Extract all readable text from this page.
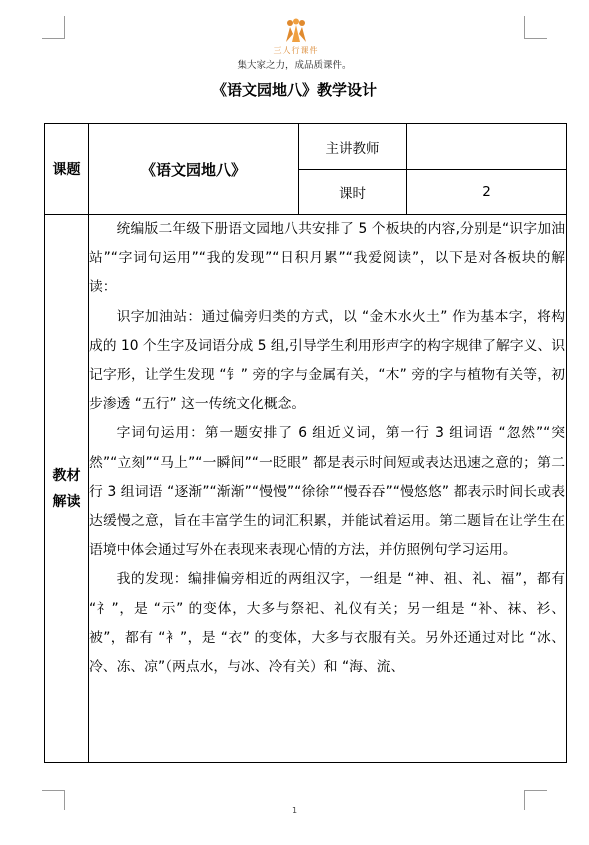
三人行课件
集大家之力，成品质课件。
《语文园地八》教学设计
课题	《语文园地八》
主讲教师
课时	2
教材
解读

统编版二年级下册语文园地八共安排了 5 个板块的内容,分别是“识字加油站”“字词句运用”“我的发现”“日积月累”“我爱阅读”，以下是对各板块的解读：

识字加油站：通过偏旁归类的方式，以 “金木水火土” 作为基本字，将构成的 10 个生字及词语分成 5 组,引导学生利用形声字的构字规律了解字义、识记字形，让学生发现 “钅” 旁的字与金属有关，“木” 旁的字与植物有关等，初步渗透 “五行” 这一传统文化概念。

字词句运用：第一题安排了 6 组近义词，第一行 3 组词语 “忽然”“突然”“立刻”“马上”“一瞬间”“一眨眼” 都是表示时间短或表达迅速之意的；第二行 3 组词语 “逐渐”“渐渐”“慢慢”“徐徐”“慢吞吞”“慢悠悠” 都表示时间长或表达缓慢之意，旨在丰富学生的词汇积累，并能试着运用。第二题旨在让学生在语境中体会通过写外在表现来表现心情的方法，并仿照例句学习运用。

我的发现：编排偏旁相近的两组汉字，一组是 “神、祖、礼、福”，都有 “礻”，是 “示” 的变体，大多与祭祀、礼仪有关；另一组是 “补、袜、衫、被”，都有 “衤”，是 “衣” 的变体，大多与衣服有关。另外还通过对比 “冰、冷、冻、凉”（两点水，与冰、冷有关）和 “海、流、

1
